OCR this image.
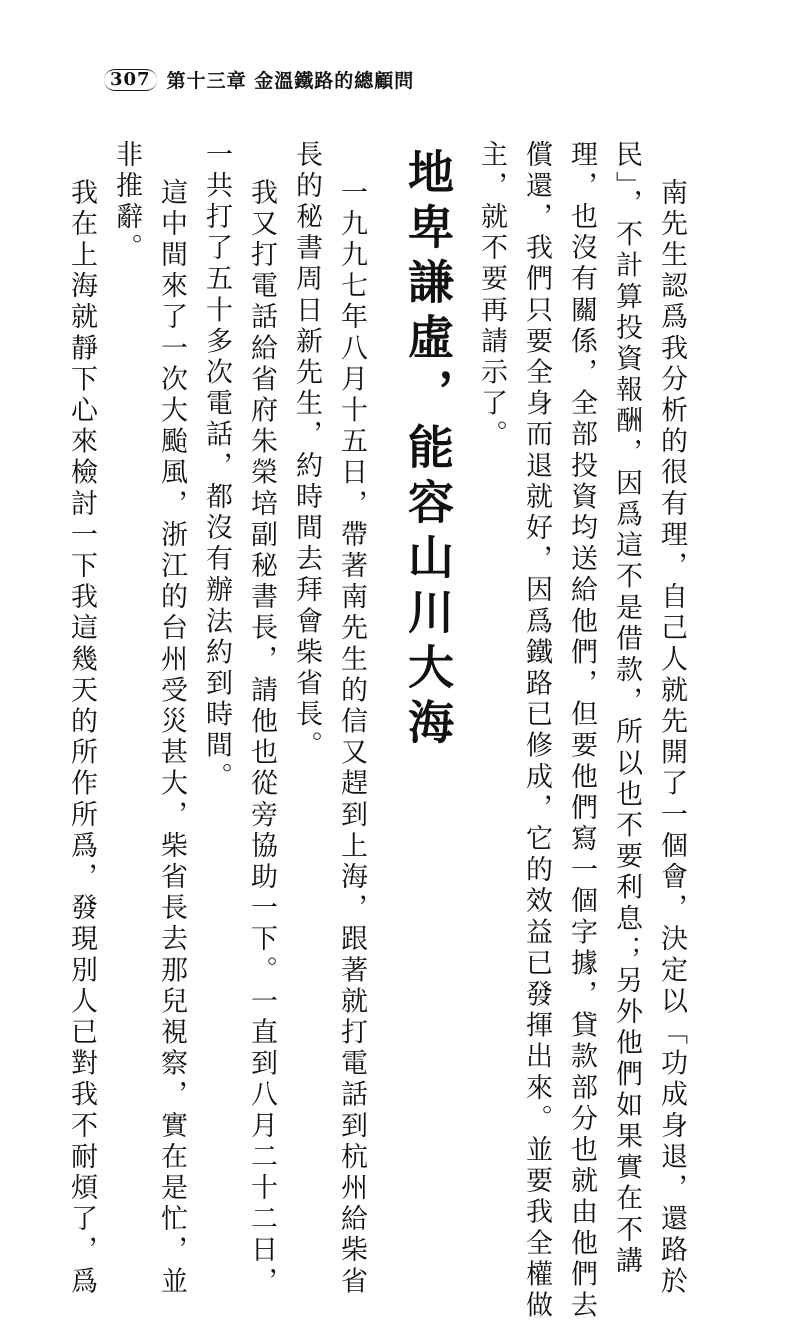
307 第十三章 金溫鐵路的總顧問
南先生認爲我分析的很有理，自己人就先開了一個會，決定以「功成身退，還路於
民」，不計算投資報酬，因爲這不是借款，所以也不要利息；另外他們如果實在不講
理，也沒有關係，全部投資均送給他們，但要他們寫一個字據，貸款部分也就由他們去
償還，我們只要全身而退就好，因爲鐵路已修成，它的效益已發揮出來。並要我全權做
主，就不要再請示了。
地卑謙虛，能容山川大海
一九九七年八月十五日，帶著南先生的信又趕到上海，跟著就打電話到杭州給柴省
長的秘書周日新先生，約時間去拜會柴省長。
我又打電話給省府朱榮培副秘書長，請他也從旁協助一下。一直到八月二十二日，
一共打了五十多次電話，都沒有辦法約到時間。
這中間來了一次大颱風，浙江的台州受災甚大，柴省長去那兒視察，實在是忙，並
非推辭。
我在上海就靜下心來檢討一下我這幾天的所作所爲，發現別人已對我不耐煩了，爲
